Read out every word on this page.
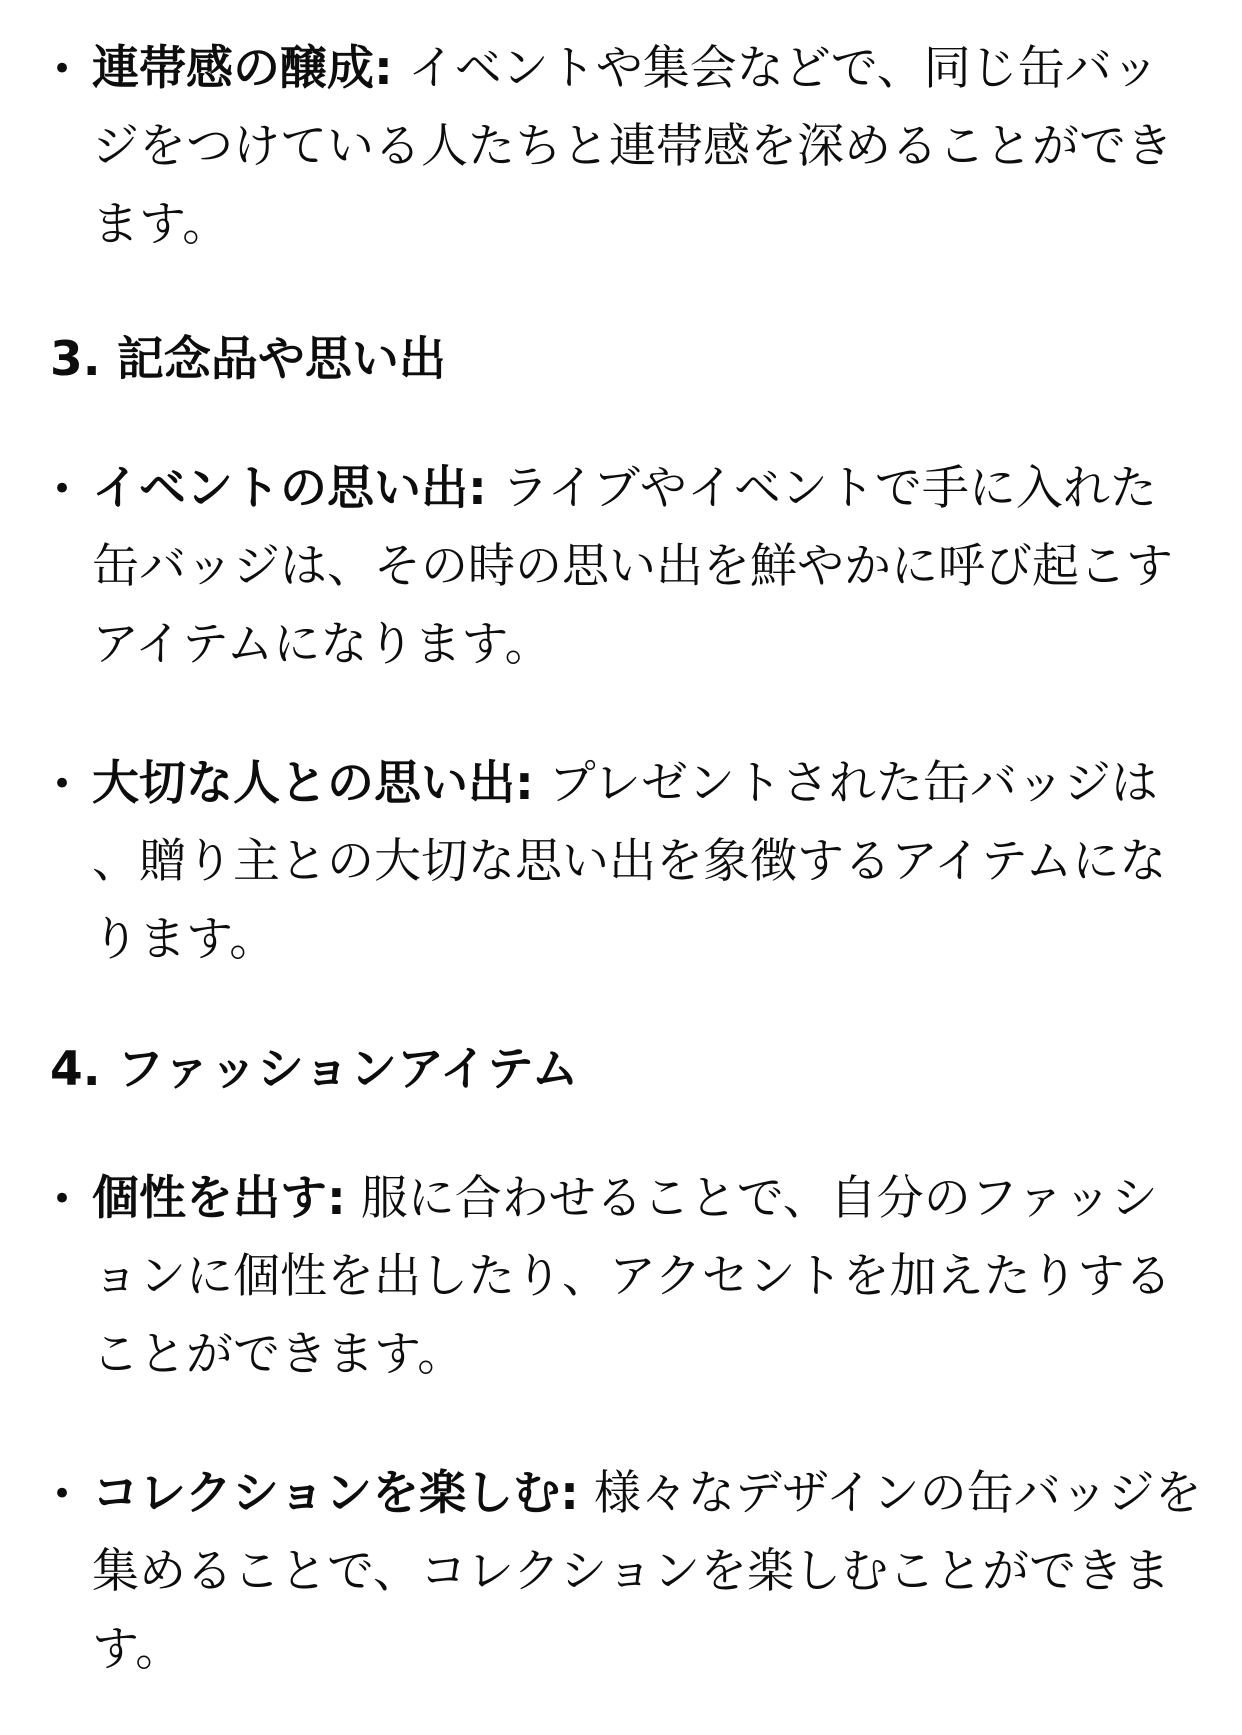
• 連帯感の醸成: イベントや集会などで、同じ缶バッジをつけている人たちと連帯感を深めることができます。
3. 記念品や思い出
• イベントの思い出: ライブやイベントで手に入れた缶バッジは、その時の思い出を鮮やかに呼び起こすアイテムになります。
• 大切な人との思い出: プレゼントされた缶バッジは、贈り主との大切な思い出を象徴するアイテムになります。
4. ファッションアイテム
• 個性を出す: 服に合わせることで、自分のファッションに個性を出したり、アクセントを加えたりすることができます。
• コレクションを楽しむ: 様々なデザインの缶バッジを集めることで、コレクションを楽しむことができます。
